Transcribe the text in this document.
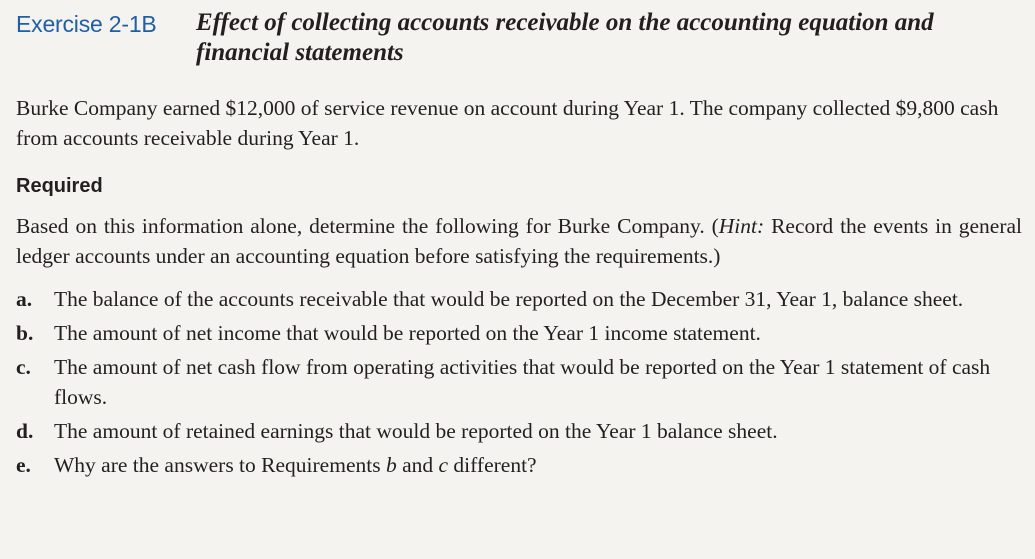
Exercise 2-1B	Effect of collecting accounts receivable on the accounting equation and financial statements
Burke Company earned $12,000 of service revenue on account during Year 1. The company collected $9,800 cash from accounts receivable during Year 1.
Required
Based on this information alone, determine the following for Burke Company. (Hint: Record the events in general ledger accounts under an accounting equation before satisfying the requirements.)
a.	The balance of the accounts receivable that would be reported on the December 31, Year 1, balance sheet.
b. The amount of net income that would be reported on the Year 1 income statement.
c.	The amount of net cash flow from operating activities that would be reported on the Year 1 statement of cash flows.
d. The amount of retained earnings that would be reported on the Year 1 balance sheet.
e.	Why are the answers to Requirements b and c different?
